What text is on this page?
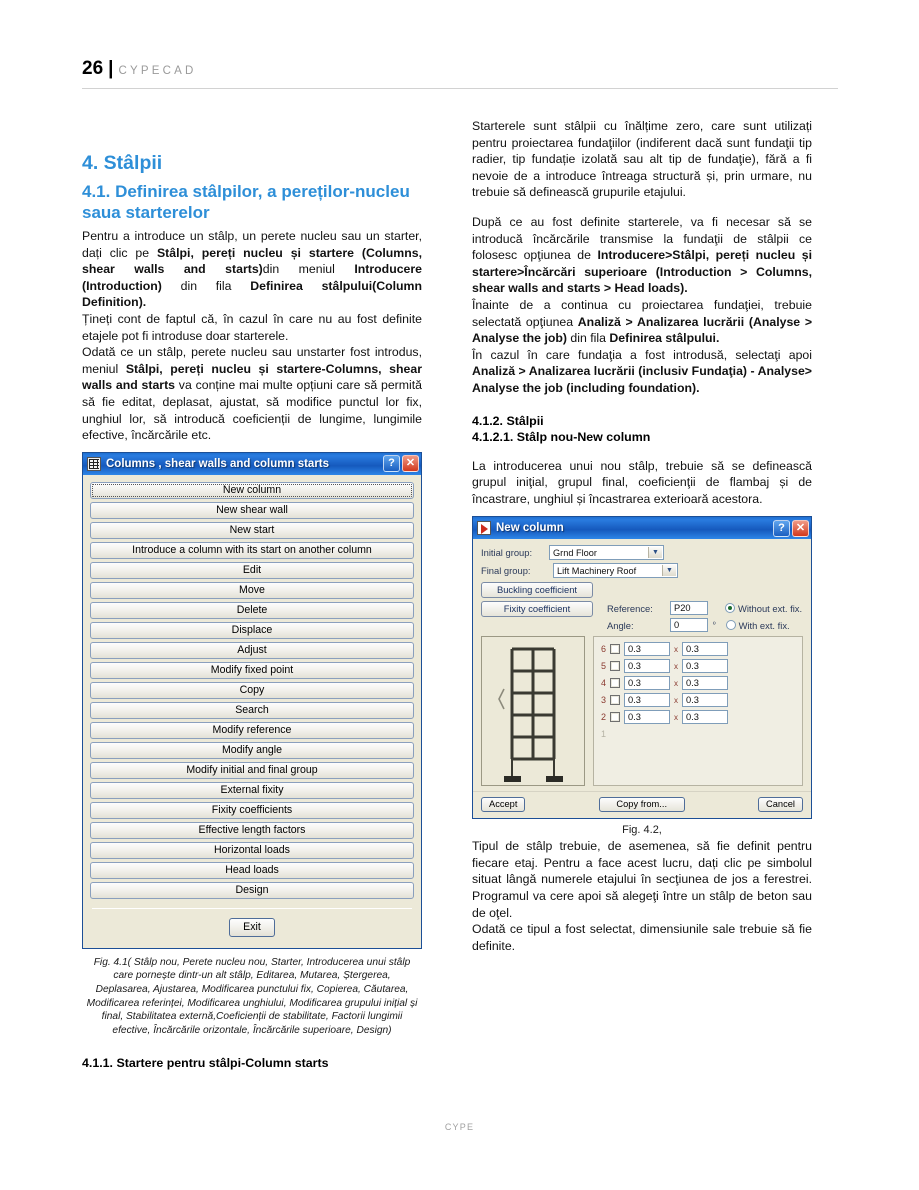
26 | CYPECAD
4. Stâlpii
4.1. Definirea stâlpilor, a pereților-nucleu saua starterelor

Pentru a introduce un stâlp, un perete nucleu sau un starter, dați clic pe Stâlpi, pereți nucleu și startere (Columns, shear walls and starts)din meniul Introducere (Introduction) din fila Definirea stâlpului(Column Definition).

Țineți cont de faptul că, în cazul în care nu au fost definite etajele pot fi introduse doar starterele.

Odată ce un stâlp, perete nucleu sau unstarter fost introdus, meniul Stâlpi, pereți nucleu și startere-Columns, shear walls and starts va conține mai multe opțiuni care să permită să fie editat, deplasat, ajustat, să modifice punctul lor fix, unghiul lor, să introducă coeficienții de lungime, lungimile efective, încărcările etc.

Columns , shear walls and column starts	?	✕
New column
New shear wall
New start
Introduce a column with its start on another column
Edit
Move
Delete
Displace
Adjust
Modify fixed point
Copy
Search
Modify reference
Modify angle
Modify initial and final group
External fixity
Fixity coefficients
Effective length factors
Horizontal loads
Head loads
Design
Exit
Fig. 4.1( Stâlp nou, Perete nucleu nou, Starter, Introducerea unui stâlp care pornește dintr-un alt stâlp, Editarea, Mutarea, Ștergerea, Deplasarea, Ajustarea, Modificarea punctului fix, Copierea, Căutarea, Modificarea referinței, Modificarea unghiului, Modificarea grupului inițial și final, Stabilitatea externă,Coeficienții de stabilitate, Factorii lungimii efective, Încărcările orizontale, Încărcările superioare, Design)
4.1.1. Startere pentru stâlpi-Column starts

Starterele sunt stâlpii cu înălțime zero, care sunt utilizați pentru proiectarea fundaţiilor (indiferent dacă sunt fundaţii tip radier, tip fundație izolată sau alt tip de fundaţie), fără a fi nevoie de a introduce întreaga structură și, prin urmare, nu trebuie să definească grupurile etajului.

După ce au fost definite starterele, va fi necesar să se introducă încărcările transmise la fundaţii de stâlpii ce folosesc opţiunea de Introducere>Stâlpi, pereți nucleu și startere>Încărcări superioare (Introduction > Columns, shear walls and starts > Head loads).

Înainte de a continua cu proiectarea fundaţiei, trebuie selectată opţiunea Analiză > Analizarea lucrării (Analyse > Analyse the job) din fila Definirea stâlpului.

În cazul în care fundaţia a fost introdusă, selectaţi apoi Analiză > Analizarea lucrării (inclusiv Fundaţia) - Analyse> Analyse the job (including foundation).

4.1.2. Stâlpii
4.1.2.1. Stâlp nou-New column

La introducerea unui nou stâlp, trebuie să se definească grupul iniţial, grupul final, coeficienţii de flambaj și de încastrare, unghiul și încastrarea exterioară acestora.

New column	?	✕
Initial group:	Grnd Floor	▼
Final group:	Lift Machinery Roof	▼
Buckling coefficient
Fixity coefficient	Reference:	P20	Without ext. fix.
Angle:	0	º With ext. fix.
6	0.3	x 0.3
5	0.3	x 0.3
4	0.3	x 0.3
3	0.3	x 0.3
2	0.3	x 0.3
1
Accept	Copy from...	Cancel
Fig. 4.2,

Tipul de stâlp trebuie, de asemenea, să fie definit pentru fiecare etaj. Pentru a face acest lucru, dați clic pe simbolul situat lângă numerele etajului în secţiunea de jos a ferestrei. Programul va cere apoi să alegeţi între un stâlp de beton sau de oţel.

Odată ce tipul a fost selectat, dimensiunile sale trebuie să fie definite.

CYPE
